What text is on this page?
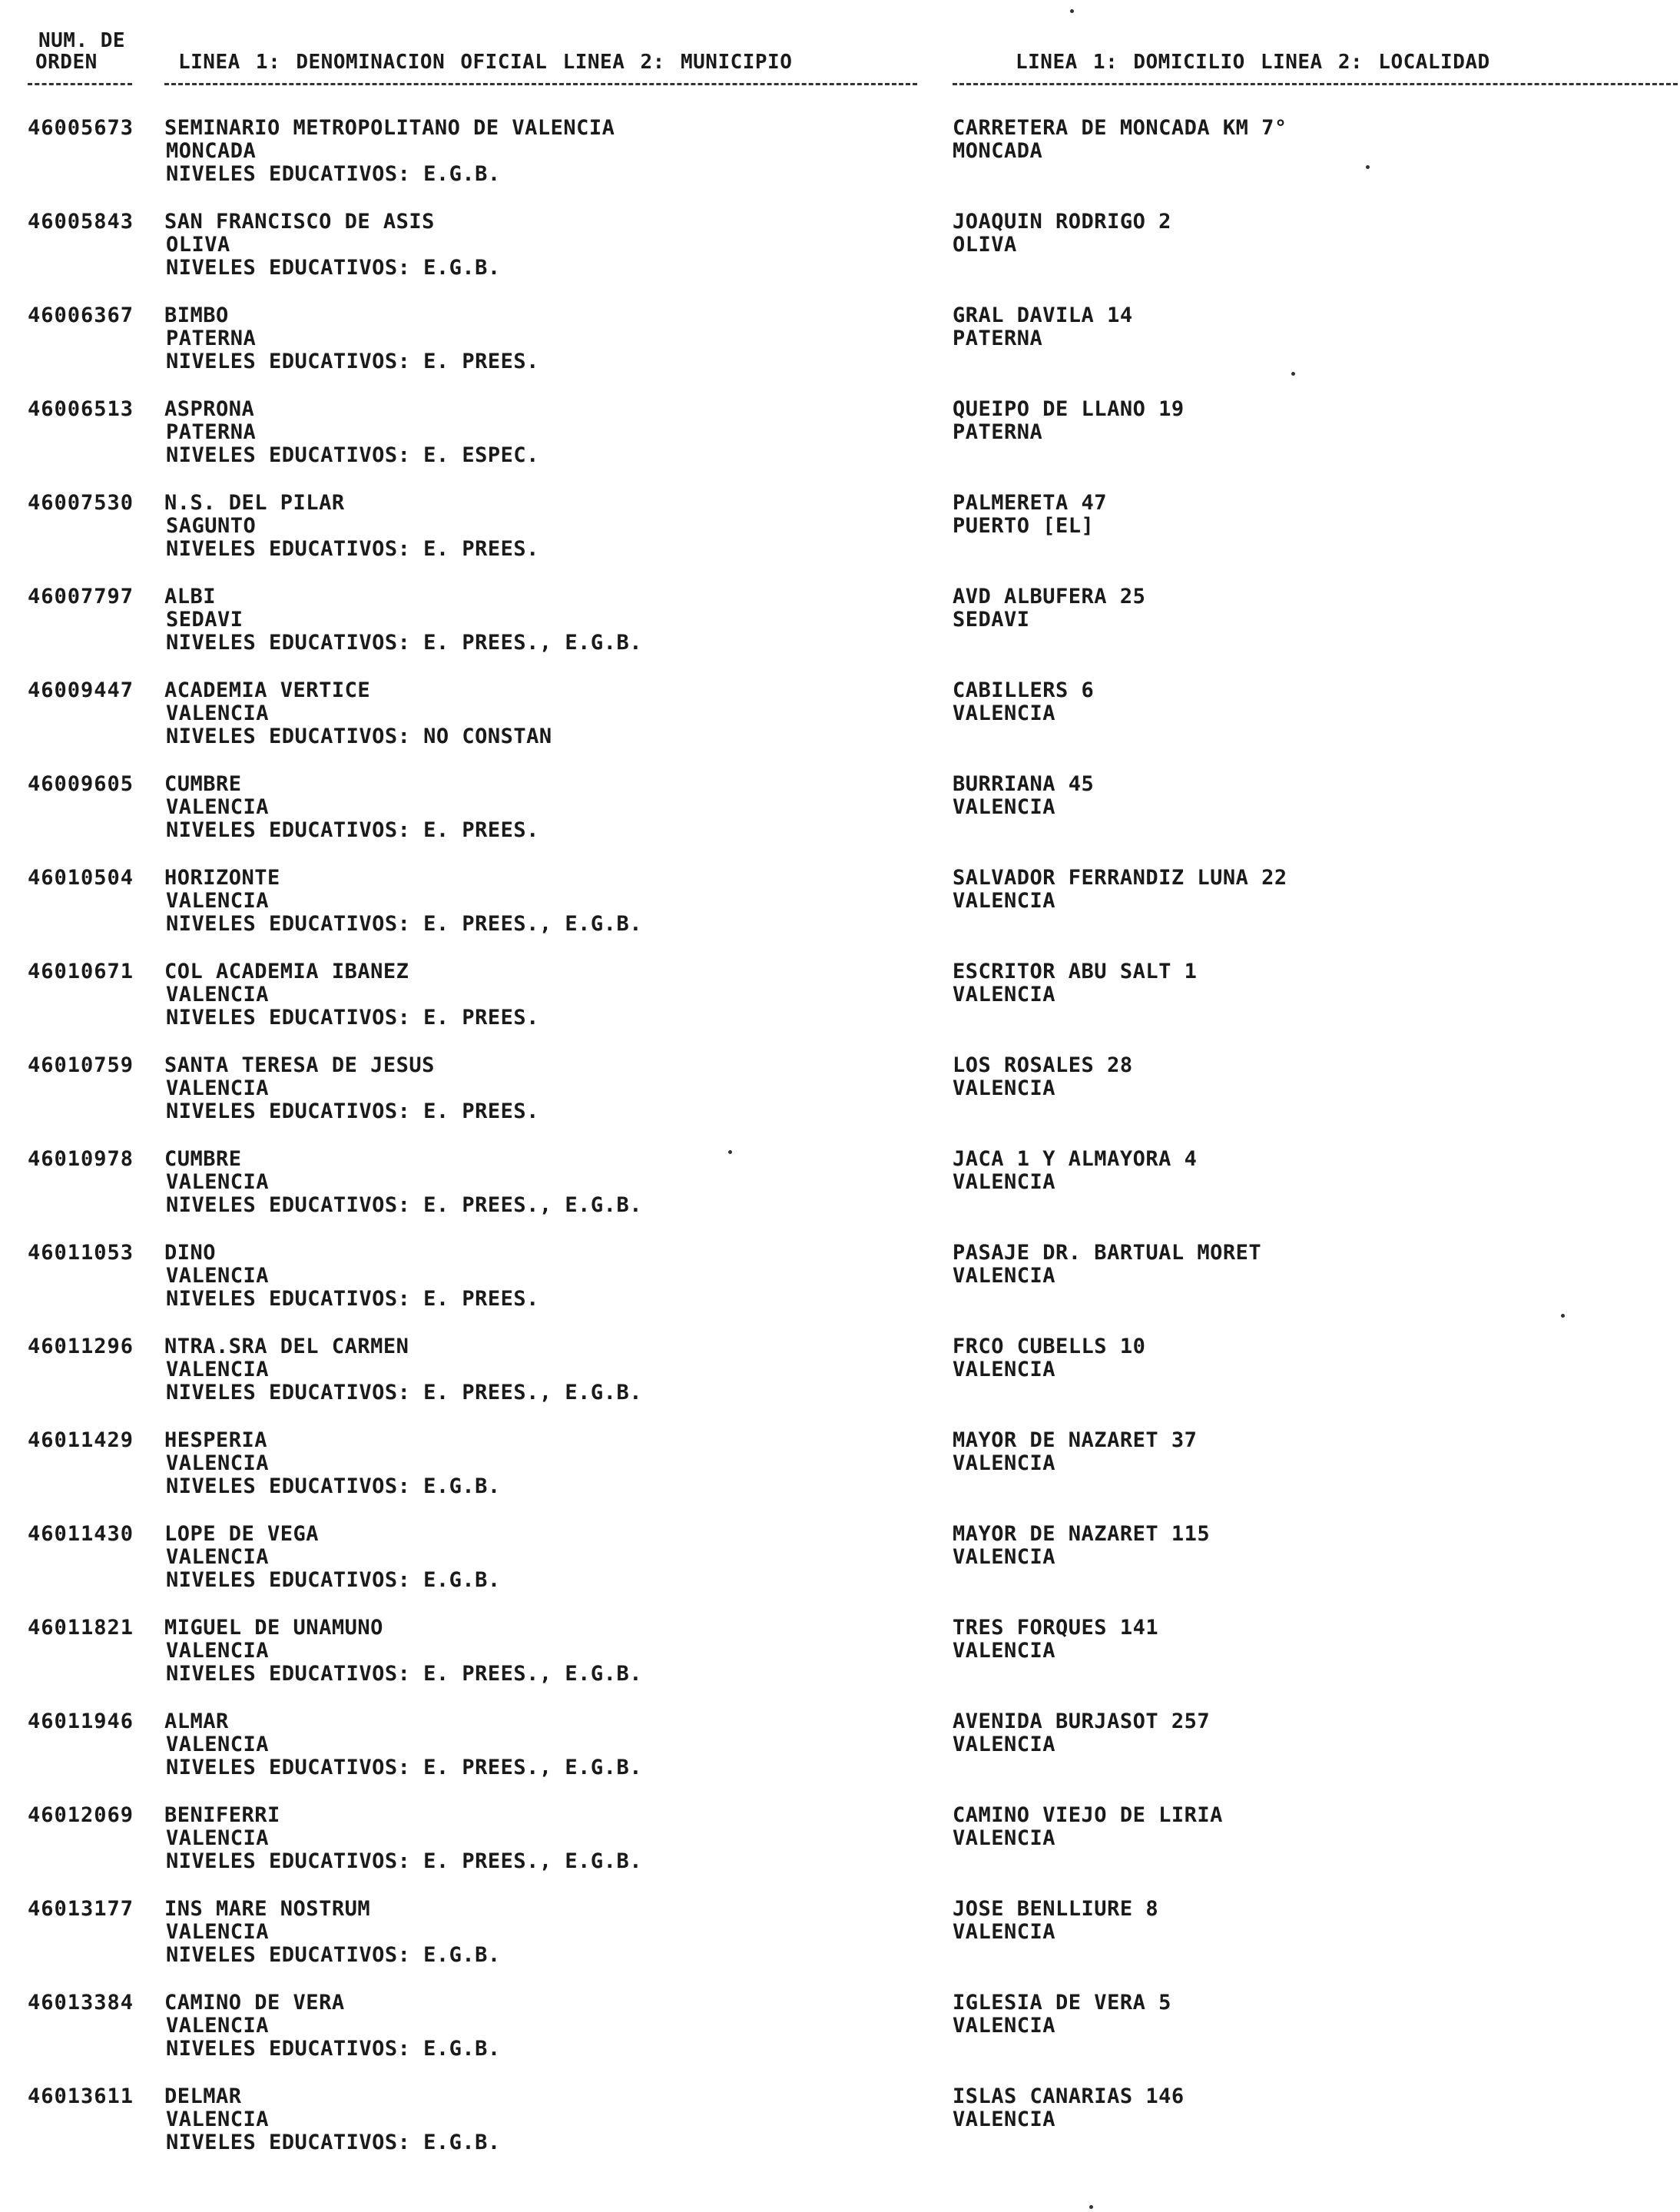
NUM. DE
ORDEN	LINEA 1: DENOMINACION OFICIAL LINEA 2: MUNICIPIO	LINEA 1: DOMICILIO LINEA 2: LOCALIDAD
46005673 SEMINARIO METROPOLITANO DE VALENCIA
MONCADA
NIVELES EDUCATIVOS: E.G.B.
CARRETERA DE MONCADA KM 7°
MONCADA
46005843 SAN FRANCISCO DE ASIS
OLIVA
NIVELES EDUCATIVOS: E.G.B.
JOAQUIN RODRIGO 2
OLIVA
46006367 BIMBO
PATERNA
NIVELES EDUCATIVOS: E. PREES.
GRAL DAVILA 14
PATERNA
46006513 ASPRONA
PATERNA
NIVELES EDUCATIVOS: E. ESPEC.
QUEIPO DE LLANO 19
PATERNA
46007530 N.S. DEL PILAR
SAGUNTO
NIVELES EDUCATIVOS: E. PREES.
PALMERETA 47
PUERTO [EL]
46007797 ALBI
SEDAVI
NIVELES EDUCATIVOS: E. PREES., E.G.B.
AVD ALBUFERA 25
SEDAVI
46009447 ACADEMIA VERTICE
VALENCIA
NIVELES EDUCATIVOS: NO CONSTAN
CABILLERS 6
VALENCIA
46009605 CUMBRE
VALENCIA
NIVELES EDUCATIVOS: E. PREES.
BURRIANA 45
VALENCIA
46010504 HORIZONTE
VALENCIA
NIVELES EDUCATIVOS: E. PREES., E.G.B.
SALVADOR FERRANDIZ LUNA 22
VALENCIA
46010671 COL ACADEMIA IBANEZ
VALENCIA
NIVELES EDUCATIVOS: E. PREES.
ESCRITOR ABU SALT 1
VALENCIA
46010759 SANTA TERESA DE JESUS
VALENCIA
NIVELES EDUCATIVOS: E. PREES.
LOS ROSALES 28
VALENCIA
46010978 CUMBRE
VALENCIA
NIVELES EDUCATIVOS: E. PREES., E.G.B.
JACA 1 Y ALMAYORA 4
VALENCIA
46011053 DINO
VALENCIA
NIVELES EDUCATIVOS: E. PREES.
PASAJE DR. BARTUAL MORET
VALENCIA
46011296 NTRA.SRA DEL CARMEN
VALENCIA
NIVELES EDUCATIVOS: E. PREES., E.G.B.
FRCO CUBELLS 10
VALENCIA
46011429 HESPERIA
VALENCIA
NIVELES EDUCATIVOS: E.G.B.
MAYOR DE NAZARET 37
VALENCIA
46011430 LOPE DE VEGA
VALENCIA
NIVELES EDUCATIVOS: E.G.B.
MAYOR DE NAZARET 115
VALENCIA
46011821 MIGUEL DE UNAMUNO
VALENCIA
NIVELES EDUCATIVOS: E. PREES., E.G.B.
TRES FORQUES 141
VALENCIA
46011946 ALMAR
VALENCIA
NIVELES EDUCATIVOS: E. PREES., E.G.B.
AVENIDA BURJASOT 257
VALENCIA
46012069 BENIFERRI
VALENCIA
NIVELES EDUCATIVOS: E. PREES., E.G.B.
CAMINO VIEJO DE LIRIA
VALENCIA
46013177 INS MARE NOSTRUM
VALENCIA
NIVELES EDUCATIVOS: E.G.B.
JOSE BENLLIURE 8
VALENCIA
46013384 CAMINO DE VERA
VALENCIA
NIVELES EDUCATIVOS: E.G.B.
IGLESIA DE VERA 5
VALENCIA
46013611 DELMAR
VALENCIA
NIVELES EDUCATIVOS: E.G.B.
ISLAS CANARIAS 146
VALENCIA
